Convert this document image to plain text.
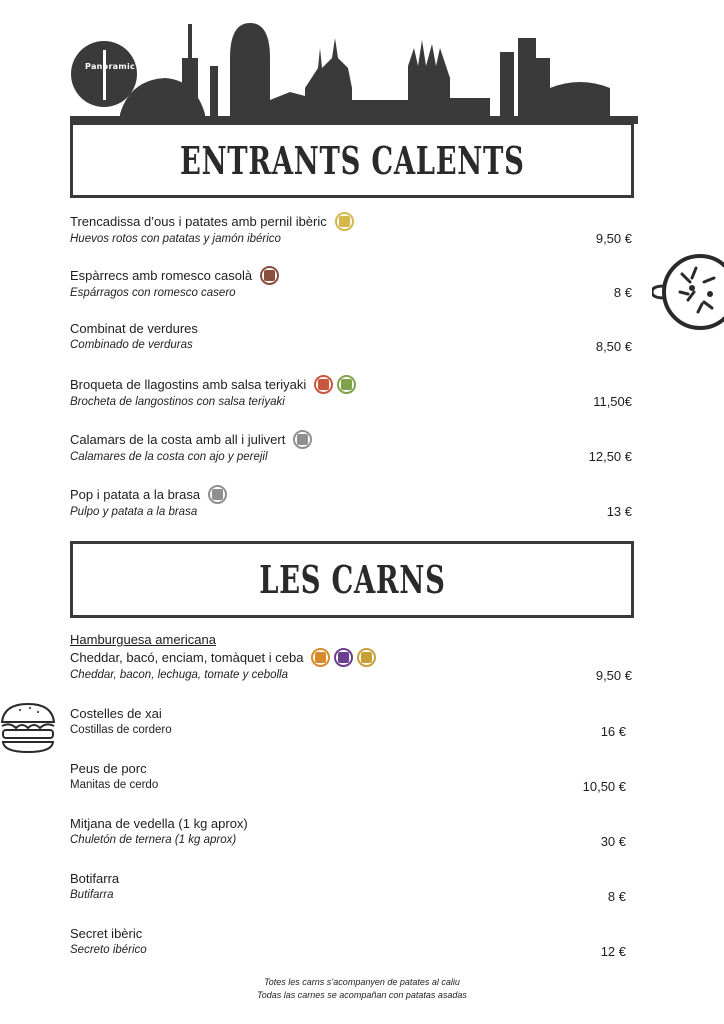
Panoramic
ENTRANTS CALENTS
Trencadissa d’ous i patates amb pernil ibèric
Huevos rotos con patatas y jamón ibérico	9,50 €
Espàrrecs amb romesco casolà
Espárragos con romesco casero	8 €
Combinat de verdures
Combinado de verduras	8,50 €
Broqueta de llagostins amb salsa teriyaki
Brocheta de langostinos con salsa teriyaki	11,50€
Calamars de la costa amb all i julivert
Calamares de la costa con ajo y perejil	12,50 €
Pop i patata a la brasa
Pulpo y patata a la brasa	13 €
LES CARNS
Hamburguesa americana
Cheddar, bacó, enciam, tomàquet i ceba
Cheddar, bacon, lechuga, tomate y cebolla	9,50 €
Costelles de xai
Costillas de cordero	16 €
Peus de porc
Manitas de cerdo	10,50 €
Mitjana de vedella (1 kg aprox)
Chuletón de ternera (1 kg aprox)	30 €
Botifarra
Butifarra	8 €
Secret ibèric
Secreto ibérico	12 €
Totes les carns s’acompanyen de patates al caliu
Todas las carnes se acompañan con patatas asadas
